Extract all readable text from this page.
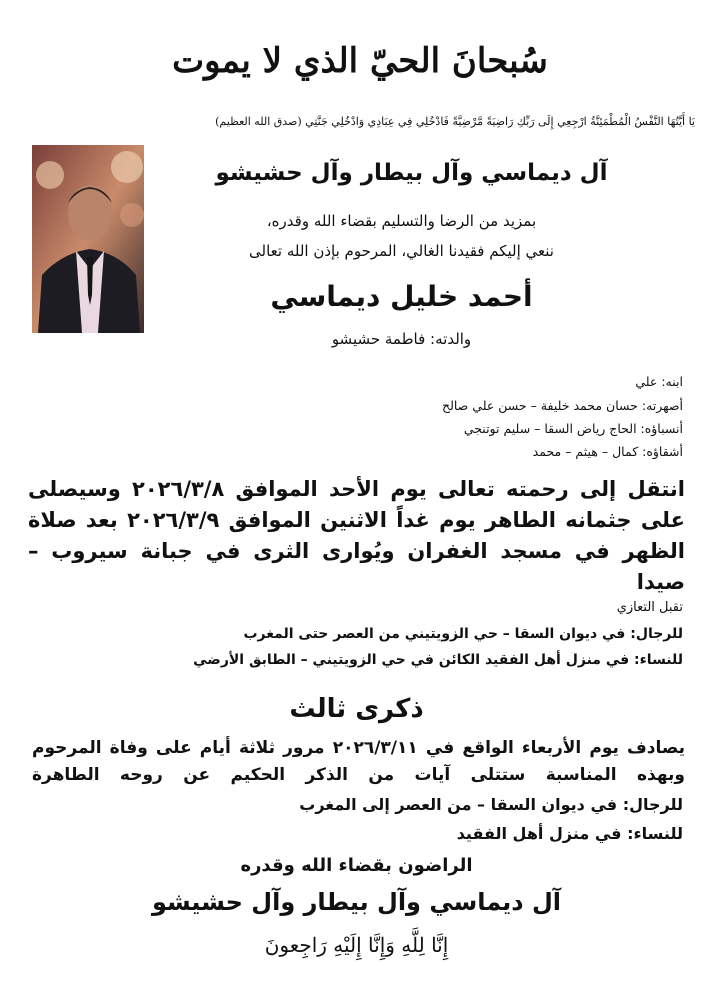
سُبحانَ الحيّ الذي لا يموت
يَا أَيَّتُهَا النَّفْسُ الْمُطْمَئِنَّةُ ارْجِعِي إِلَى رَبِّكِ رَاضِيَةً مَّرْضِيَّةً فَادْخُلِي فِي عِبَادِي وَادْخُلِي جَنَّتِي (صدق الله العظيم)
آل ديماسي وآل بيطار وآل حشيشو
بمزيد من الرضا والتسليم بقضاء الله وقدره،
ننعي إليكم فقيدنا الغالي، المرحوم بإذن الله تعالى
أحمد خليل ديماسي
والدته: فاطمة حشيشو
ابنه: علي
أصهرته: حسان محمد خليفة – حسن علي صالح
أنسباؤه: الحاج رياض السقا – سليم توتنجي
أشقاؤه: كمال – هيثم – محمد
انتقل إلى رحمته تعالى يوم الأحد الموافق ٢٠٢٦/٣/٨ وسيصلى على جثمانه الطاهر يوم غداً الاثنين الموافق ٢٠٢٦/٣/٩ بعد صلاة الظهر في مسجد الغفران ويُوارى الثرى في جبانة سيروب – صيدا
تقبل التعازي
للرجال: في ديوان السقا – حي الزويتيني من العصر حتى المغرب
للنساء: في منزل أهل الفقيد الكائن في حي الزويتيني – الطابق الأرضي
ذكرى ثالث
يصادف يوم الأربعاء الواقع في ٢٠٢٦/٣/١١ مرور ثلاثة أيام على وفاة المرحوم وبهذه المناسبة ستتلى آيات من الذكر الحكيم عن روحه الطاهرة
للرجال: في ديوان السقا – من العصر إلى المغرب
للنساء: في منزل أهل الفقيد
الراضون بقضاء الله وقدره
آل ديماسي وآل بيطار وآل حشيشو
إِنَّا لِلَّهِ وَإِنَّا إِلَيْهِ رَاجِعونَ
